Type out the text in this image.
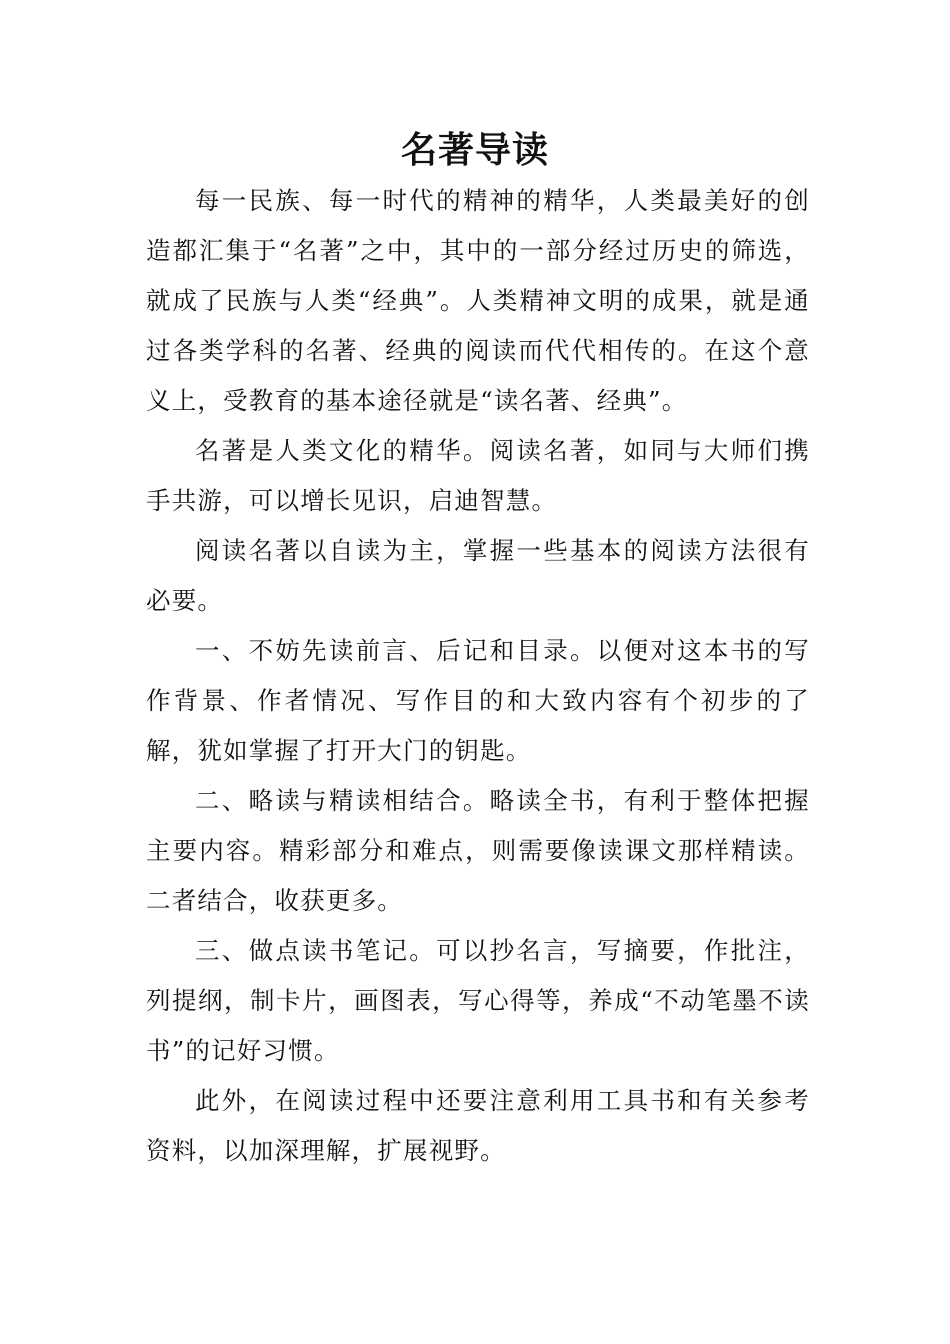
名著导读

每一民族、每一时代的精神的精华，人类最美好的创造都汇集于“名著”之中，其中的一部分经过历史的筛选，就成了民族与人类“经典”。人类精神文明的成果，就是通过各类学科的名著、经典的阅读而代代相传的。在这个意义上，受教育的基本途径就是“读名著、经典”。

名著是人类文化的精华。阅读名著，如同与大师们携手共游，可以增长见识，启迪智慧。

阅读名著以自读为主，掌握一些基本的阅读方法很有必要。

一、不妨先读前言、后记和目录。以便对这本书的写作背景、作者情况、写作目的和大致内容有个初步的了解，犹如掌握了打开大门的钥匙。

二、略读与精读相结合。略读全书，有利于整体把握主要内容。精彩部分和难点，则需要像读课文那样精读。二者结合，收获更多。

三、做点读书笔记。可以抄名言，写摘要，作批注，列提纲，制卡片，画图表，写心得等，养成“不动笔墨不读书”的记好习惯。

此外，在阅读过程中还要注意利用工具书和有关参考资料，以加深理解，扩展视野。
